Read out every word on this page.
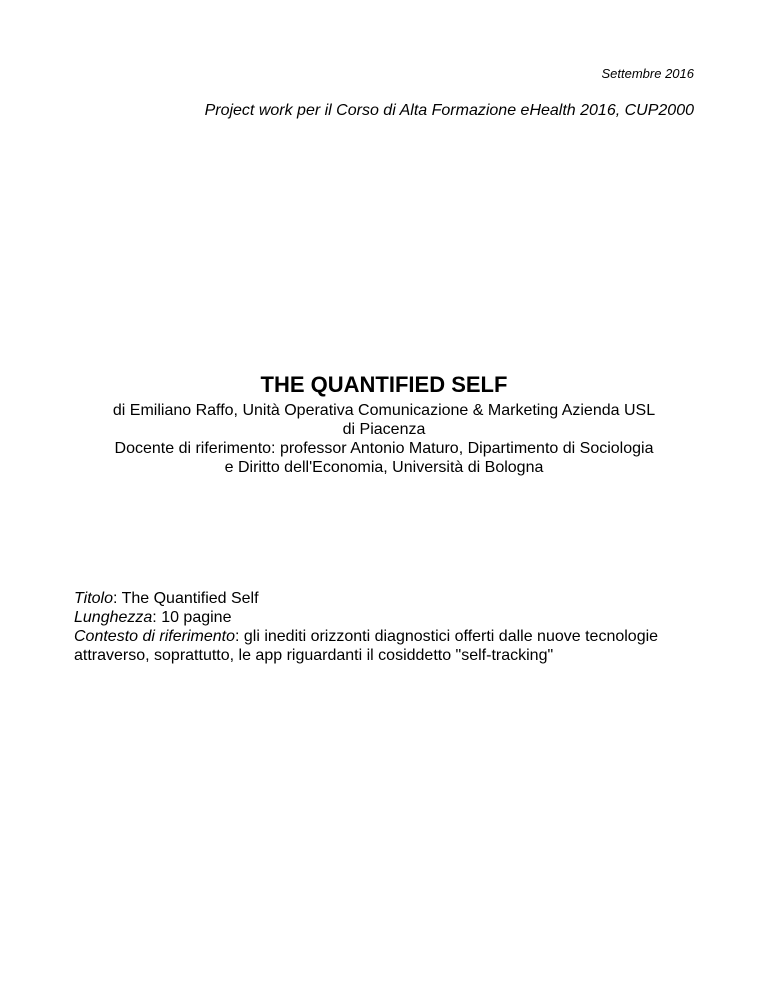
Settembre 2016
Project work per il Corso di Alta Formazione eHealth 2016, CUP2000
THE QUANTIFIED SELF
di Emiliano Raffo, Unità Operativa Comunicazione & Marketing Azienda USL
di Piacenza
Docente di riferimento: professor Antonio Maturo, Dipartimento di Sociologia
e Diritto dell'Economia, Università di Bologna
Titolo: The Quantified Self
Lunghezza: 10 pagine
Contesto di riferimento: gli inediti orizzonti diagnostici offerti dalle nuove tecnologie
attraverso, soprattutto, le app riguardanti il cosiddetto "self-tracking"
